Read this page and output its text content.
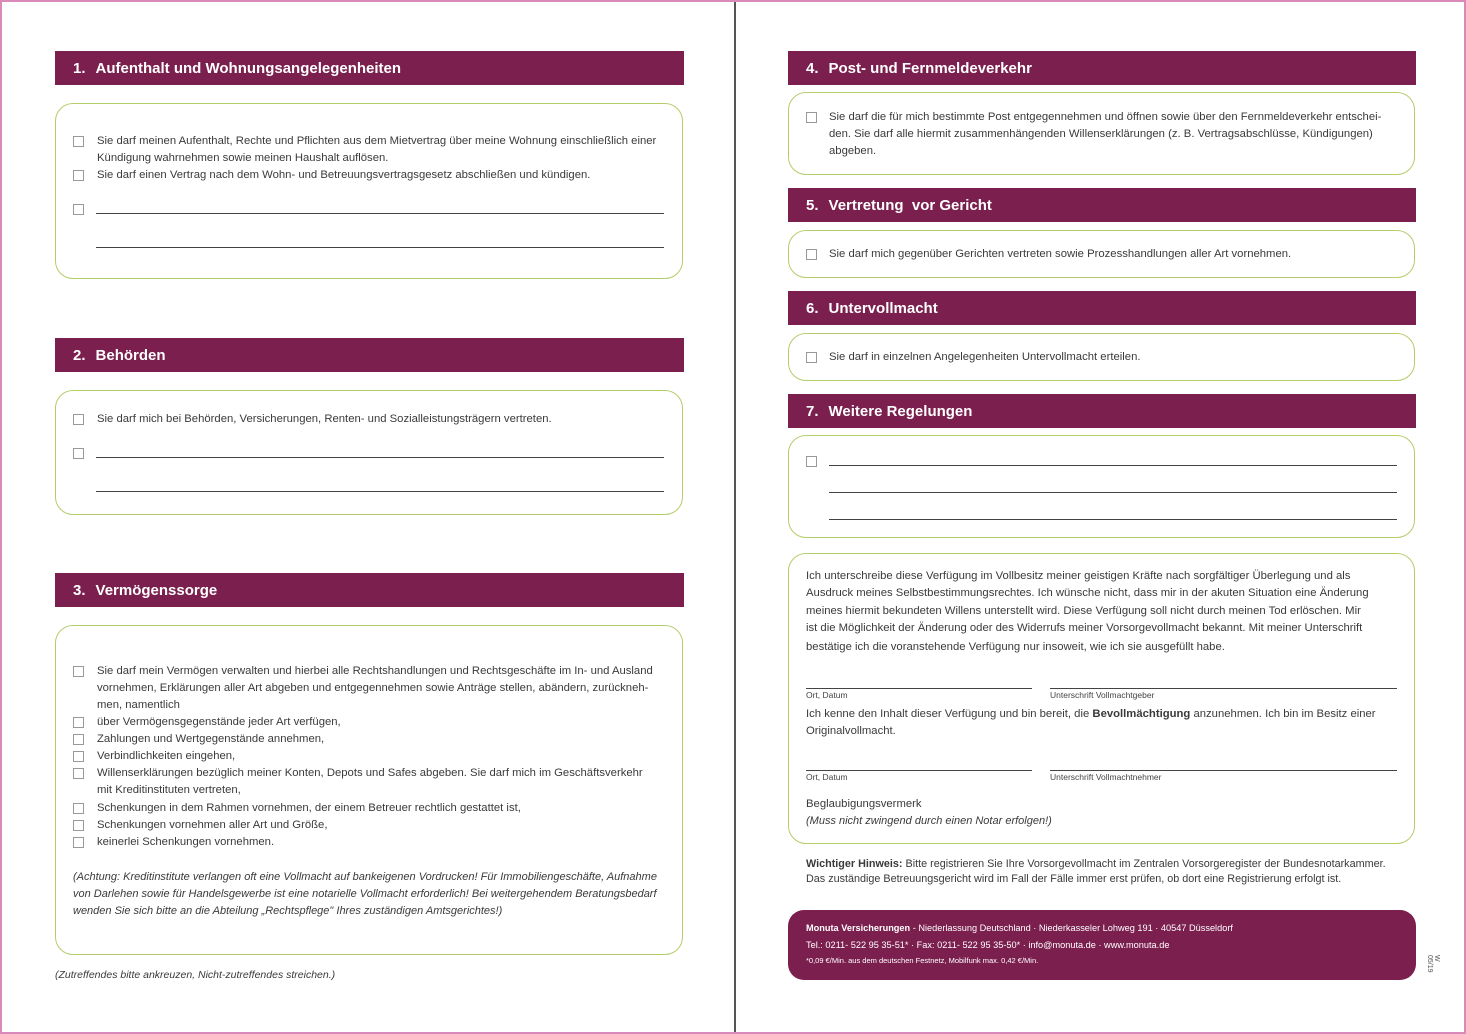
1. Aufenthalt und Wohnungsangelegenheiten
Sie darf meinen Aufenthalt, Rechte und Pflichten aus dem Mietvertrag über meine Wohnung einschließlich einer
Kündigung wahrnehmen sowie meinen Haushalt auflösen.
Sie darf einen Vertrag nach dem Wohn- und Betreuungsvertragsgesetz abschließen und kündigen.
2. Behörden
Sie darf mich bei Behörden, Versicherungen, Renten- und Sozialleistungsträgern vertreten.
3. Vermögenssorge
Sie darf mein Vermögen verwalten und hierbei alle Rechtshandlungen und Rechtsgeschäfte im In- und Ausland
vornehmen, Erklärungen aller Art abgeben und entgegennehmen sowie Anträge stellen, abändern, zurückneh-
men, namentlich
über Vermögensgegenstände jeder Art verfügen,
Zahlungen und Wertgegenstände annehmen,
Verbindlichkeiten eingehen,
Willenserklärungen bezüglich meiner Konten, Depots und Safes abgeben. Sie darf mich im Geschäftsverkehr
mit Kreditinstituten vertreten,
Schenkungen in dem Rahmen vornehmen, der einem Betreuer rechtlich gestattet ist,
Schenkungen vornehmen aller Art und Größe,
keinerlei Schenkungen vornehmen.
(Achtung: Kreditinstitute verlangen oft eine Vollmacht auf bankeigenen Vordrucken! Für Immobiliengeschäfte, Aufnahme
von Darlehen sowie für Handelsgewerbe ist eine notarielle Vollmacht erforderlich! Bei weitergehendem Beratungsbedarf
wenden Sie sich bitte an die Abteilung „Rechtspflege" Ihres zuständigen Amtsgerichtes!)
(Zutreffendes bitte ankreuzen, Nicht-zutreffendes streichen.)
4. Post- und Fernmeldeverkehr
Sie darf die für mich bestimmte Post entgegennehmen und öffnen sowie über den Fernmeldeverkehr entschei-
den. Sie darf alle hiermit zusammenhängenden Willenserklärungen (z. B. Vertragsabschlüsse, Kündigungen)
abgeben.
5. Vertretung  vor Gericht
Sie darf mich gegenüber Gerichten vertreten sowie Prozesshandlungen aller Art vornehmen.
6. Untervollmacht
Sie darf in einzelnen Angelegenheiten Untervollmacht erteilen.
7. Weitere Regelungen
Ich unterschreibe diese Verfügung im Vollbesitz meiner geistigen Kräfte nach sorgfältiger Überlegung und als
Ausdruck meines Selbstbestimmungsrechtes. Ich wünsche nicht, dass mir in der akuten Situation eine Änderung
meines hiermit bekundeten Willens unterstellt wird. Diese Verfügung soll nicht durch meinen Tod erlöschen. Mir
ist die Möglichkeit der Änderung oder des Widerrufs meiner Vorsorgevollmacht bekannt. Mit meiner Unterschrift
bestätige ich die voranstehende Verfügung nur insoweit, wie ich sie ausgefüllt habe.
Ort, Datum	Unterschrift Vollmachtgeber
Ich kenne den Inhalt dieser Verfügung und bin bereit, die Bevollmächtigung anzunehmen. Ich bin im Besitz einer
Originalvollmacht.
Ort, Datum	Unterschrift Vollmachtnehmer
Beglaubigungsvermerk
(Muss nicht zwingend durch einen Notar erfolgen!)
Wichtiger Hinweis: Bitte registrieren Sie Ihre Vorsorgevollmacht im Zentralen Vorsorgeregister der Bundesnotarkammer.
Das zuständige Betreuungsgericht wird im Fall der Fälle immer erst prüfen, ob dort eine Registrierung erfolgt ist.
Monuta Versicherungen - Niederlassung Deutschland · Niederkasseler Lohweg 191 · 40547 Düsseldorf
Tel.: 0211- 522 95 35-51* · Fax: 0211- 522 95 35-50* · info@monuta.de · www.monuta.de
*0,09 €/Min. aus dem deutschen Festnetz, Mobilfunk max. 0,42 €/Min.	W 05/19
